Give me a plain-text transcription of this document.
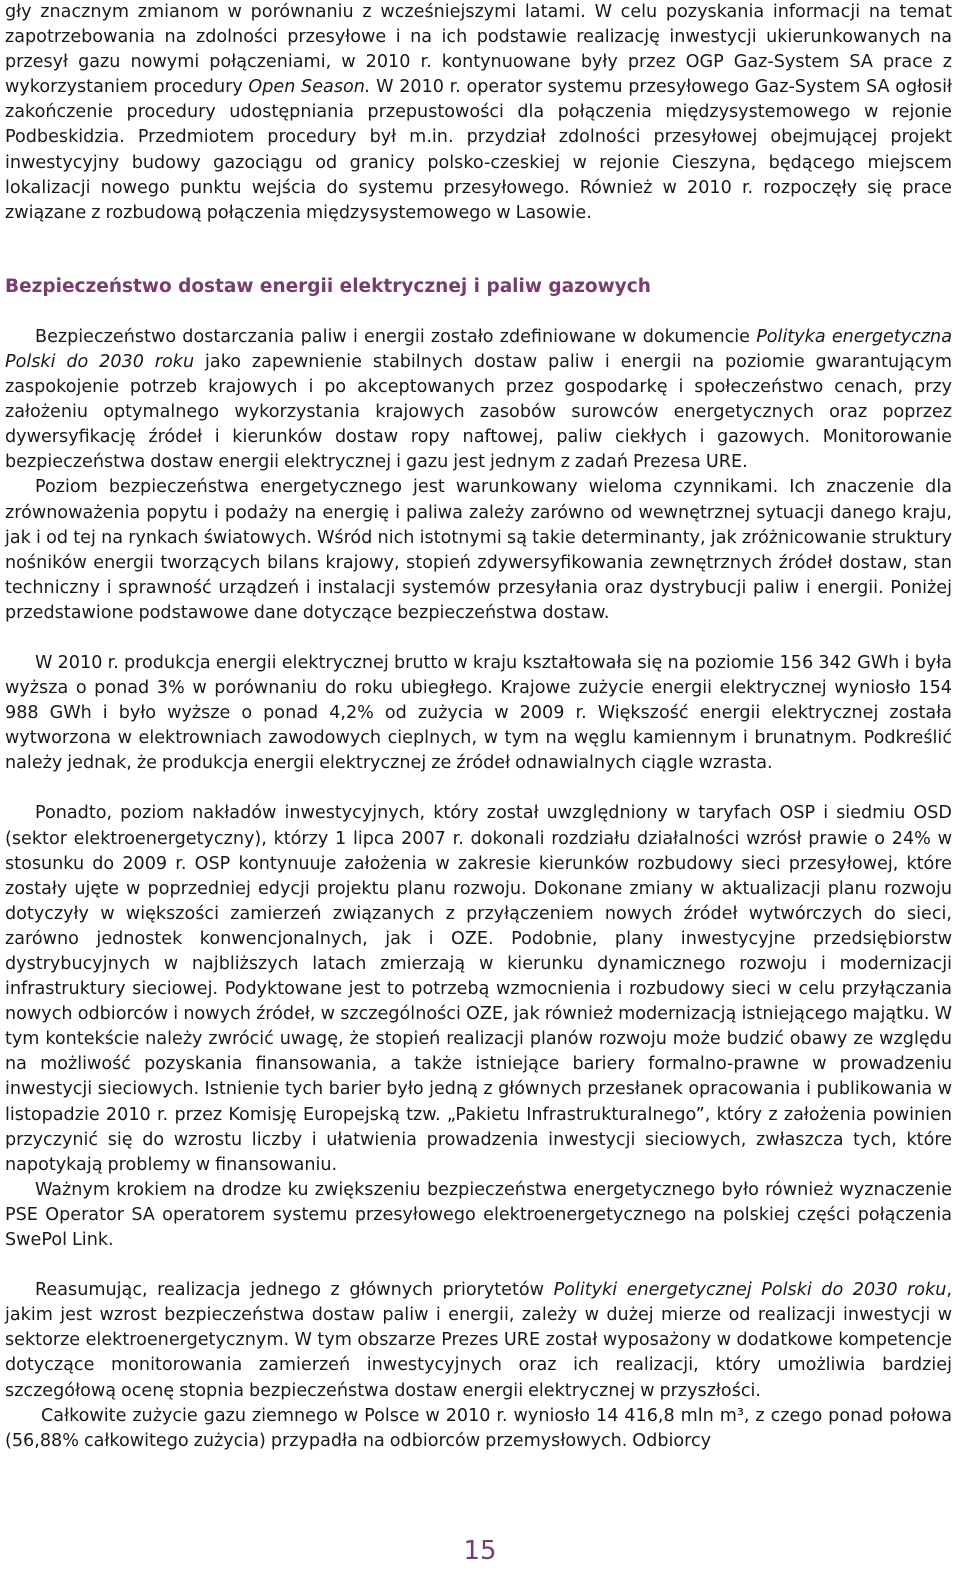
gły znacznym zmianom w porównaniu z wcześniejszymi latami. W celu pozyskania informacji na temat zapotrzebowania na zdolności przesyłowe i na ich podstawie realizację inwestycji ukierunkowanych na przesył gazu nowymi połączeniami, w 2010 r. kontynuowane były przez OGP Gaz-System SA prace z wykorzystaniem procedury Open Season. W 2010 r. operator systemu przesyłowego Gaz-System SA ogłosił zakończenie procedury udostępniania przepustowości dla połączenia międzysystemowego w rejonie Podbeskidzia. Przedmiotem procedury był m.in. przydział zdolności przesyłowej obejmującej projekt inwestycyjny budowy gazociągu od granicy polsko-czeskiej w rejonie Cieszyna, będącego miejscem lokalizacji nowego punktu wejścia do systemu przesyłowego. Również w 2010 r. rozpoczęły się prace związane z rozbudową połączenia międzysystemowego w Lasowie.

Bezpieczeństwo dostaw energii elektrycznej i paliw gazowych

Bezpieczeństwo dostarczania paliw i energii zostało zdefiniowane w dokumencie Polityka energetyczna Polski do 2030 roku jako zapewnienie stabilnych dostaw paliw i energii na poziomie gwarantującym zaspokojenie potrzeb krajowych i po akceptowanych przez gospodarkę i społeczeństwo cenach, przy założeniu optymalnego wykorzystania krajowych zasobów surowców energetycznych oraz poprzez dywersyfikację źródeł i kierunków dostaw ropy naftowej, paliw ciekłych i gazowych. Monitorowanie bezpieczeństwa dostaw energii elektrycznej i gazu jest jednym z zadań Prezesa URE.

Poziom bezpieczeństwa energetycznego jest warunkowany wieloma czynnikami. Ich znaczenie dla zrównoważenia popytu i podaży na energię i paliwa zależy zarówno od wewnętrznej sytuacji danego kraju, jak i od tej na rynkach światowych. Wśród nich istotnymi są takie determinanty, jak zróżnicowanie struktury nośników energii tworzących bilans krajowy, stopień zdywersyfikowania zewnętrznych źródeł dostaw, stan techniczny i sprawność urządzeń i instalacji systemów przesyłania oraz dystrybucji paliw i energii. Poniżej przedstawione podstawowe dane dotyczące bezpieczeństwa dostaw.

W 2010 r. produkcja energii elektrycznej brutto w kraju kształtowała się na poziomie 156 342 GWh i była wyższa o ponad 3% w porównaniu do roku ubiegłego. Krajowe zużycie energii elektrycznej wyniosło 154 988 GWh i było wyższe o ponad 4,2% od zużycia w 2009 r. Większość energii elektrycznej została wytworzona w elektrowniach zawodowych cieplnych, w tym na węglu kamiennym i brunatnym. Podkreślić należy jednak, że produkcja energii elektrycznej ze źródeł odnawialnych ciągle wzrasta.

Ponadto, poziom nakładów inwestycyjnych, który został uwzględniony w taryfach OSP i siedmiu OSD (sektor elektroenergetyczny), którzy 1 lipca 2007 r. dokonali rozdziału działalności wzrósł prawie o 24% w stosunku do 2009 r. OSP kontynuuje założenia w zakresie kierunków rozbudowy sieci przesyłowej, które zostały ujęte w poprzedniej edycji projektu planu rozwoju. Dokonane zmiany w aktualizacji planu rozwoju dotyczyły w większości zamierzeń związanych z przyłączeniem nowych źródeł wytwórczych do sieci, zarówno jednostek konwencjonalnych, jak i OZE. Podobnie, plany inwestycyjne przedsiębiorstw dystrybucyjnych w najbliższych latach zmierzają w kierunku dynamicznego rozwoju i modernizacji infrastruktury sieciowej. Podyktowane jest to potrzebą wzmocnienia i rozbudowy sieci w celu przyłączania nowych odbiorców i nowych źródeł, w szczególności OZE, jak również modernizacją istniejącego majątku. W tym kontekście należy zwrócić uwagę, że stopień realizacji planów rozwoju może budzić obawy ze względu na możliwość pozyskania finansowania, a także istniejące bariery formalno-prawne w prowadzeniu inwestycji sieciowych. Istnienie tych barier było jedną z głównych przesłanek opracowania i publikowania w listopadzie 2010 r. przez Komisję Europejską tzw. „Pakietu Infrastrukturalnego”, który z założenia powinien przyczynić się do wzrostu liczby i ułatwienia prowadzenia inwestycji sieciowych, zwłaszcza tych, które napotykają problemy w finansowaniu.

Ważnym krokiem na drodze ku zwiększeniu bezpieczeństwa energetycznego było również wyznaczenie PSE Operator SA operatorem systemu przesyłowego elektroenergetycznego na polskiej części połączenia SwePol Link.

Reasumując, realizacja jednego z głównych priorytetów Polityki energetycznej Polski do 2030 roku, jakim jest wzrost bezpieczeństwa dostaw paliw i energii, zależy w dużej mierze od realizacji inwestycji w sektorze elektroenergetycznym. W tym obszarze Prezes URE został wyposażony w dodatkowe kompetencje dotyczące monitorowania zamierzeń inwestycyjnych oraz ich realizacji, który umożliwia bardziej szczegółową ocenę stopnia bezpieczeństwa dostaw energii elektrycznej w przyszłości.

Całkowite zużycie gazu ziemnego w Polsce w 2010 r. wyniosło 14 416,8 mln m³, z czego ponad połowa (56,88% całkowitego zużycia) przypadła na odbiorców przemysłowych. Odbiorcy

15
